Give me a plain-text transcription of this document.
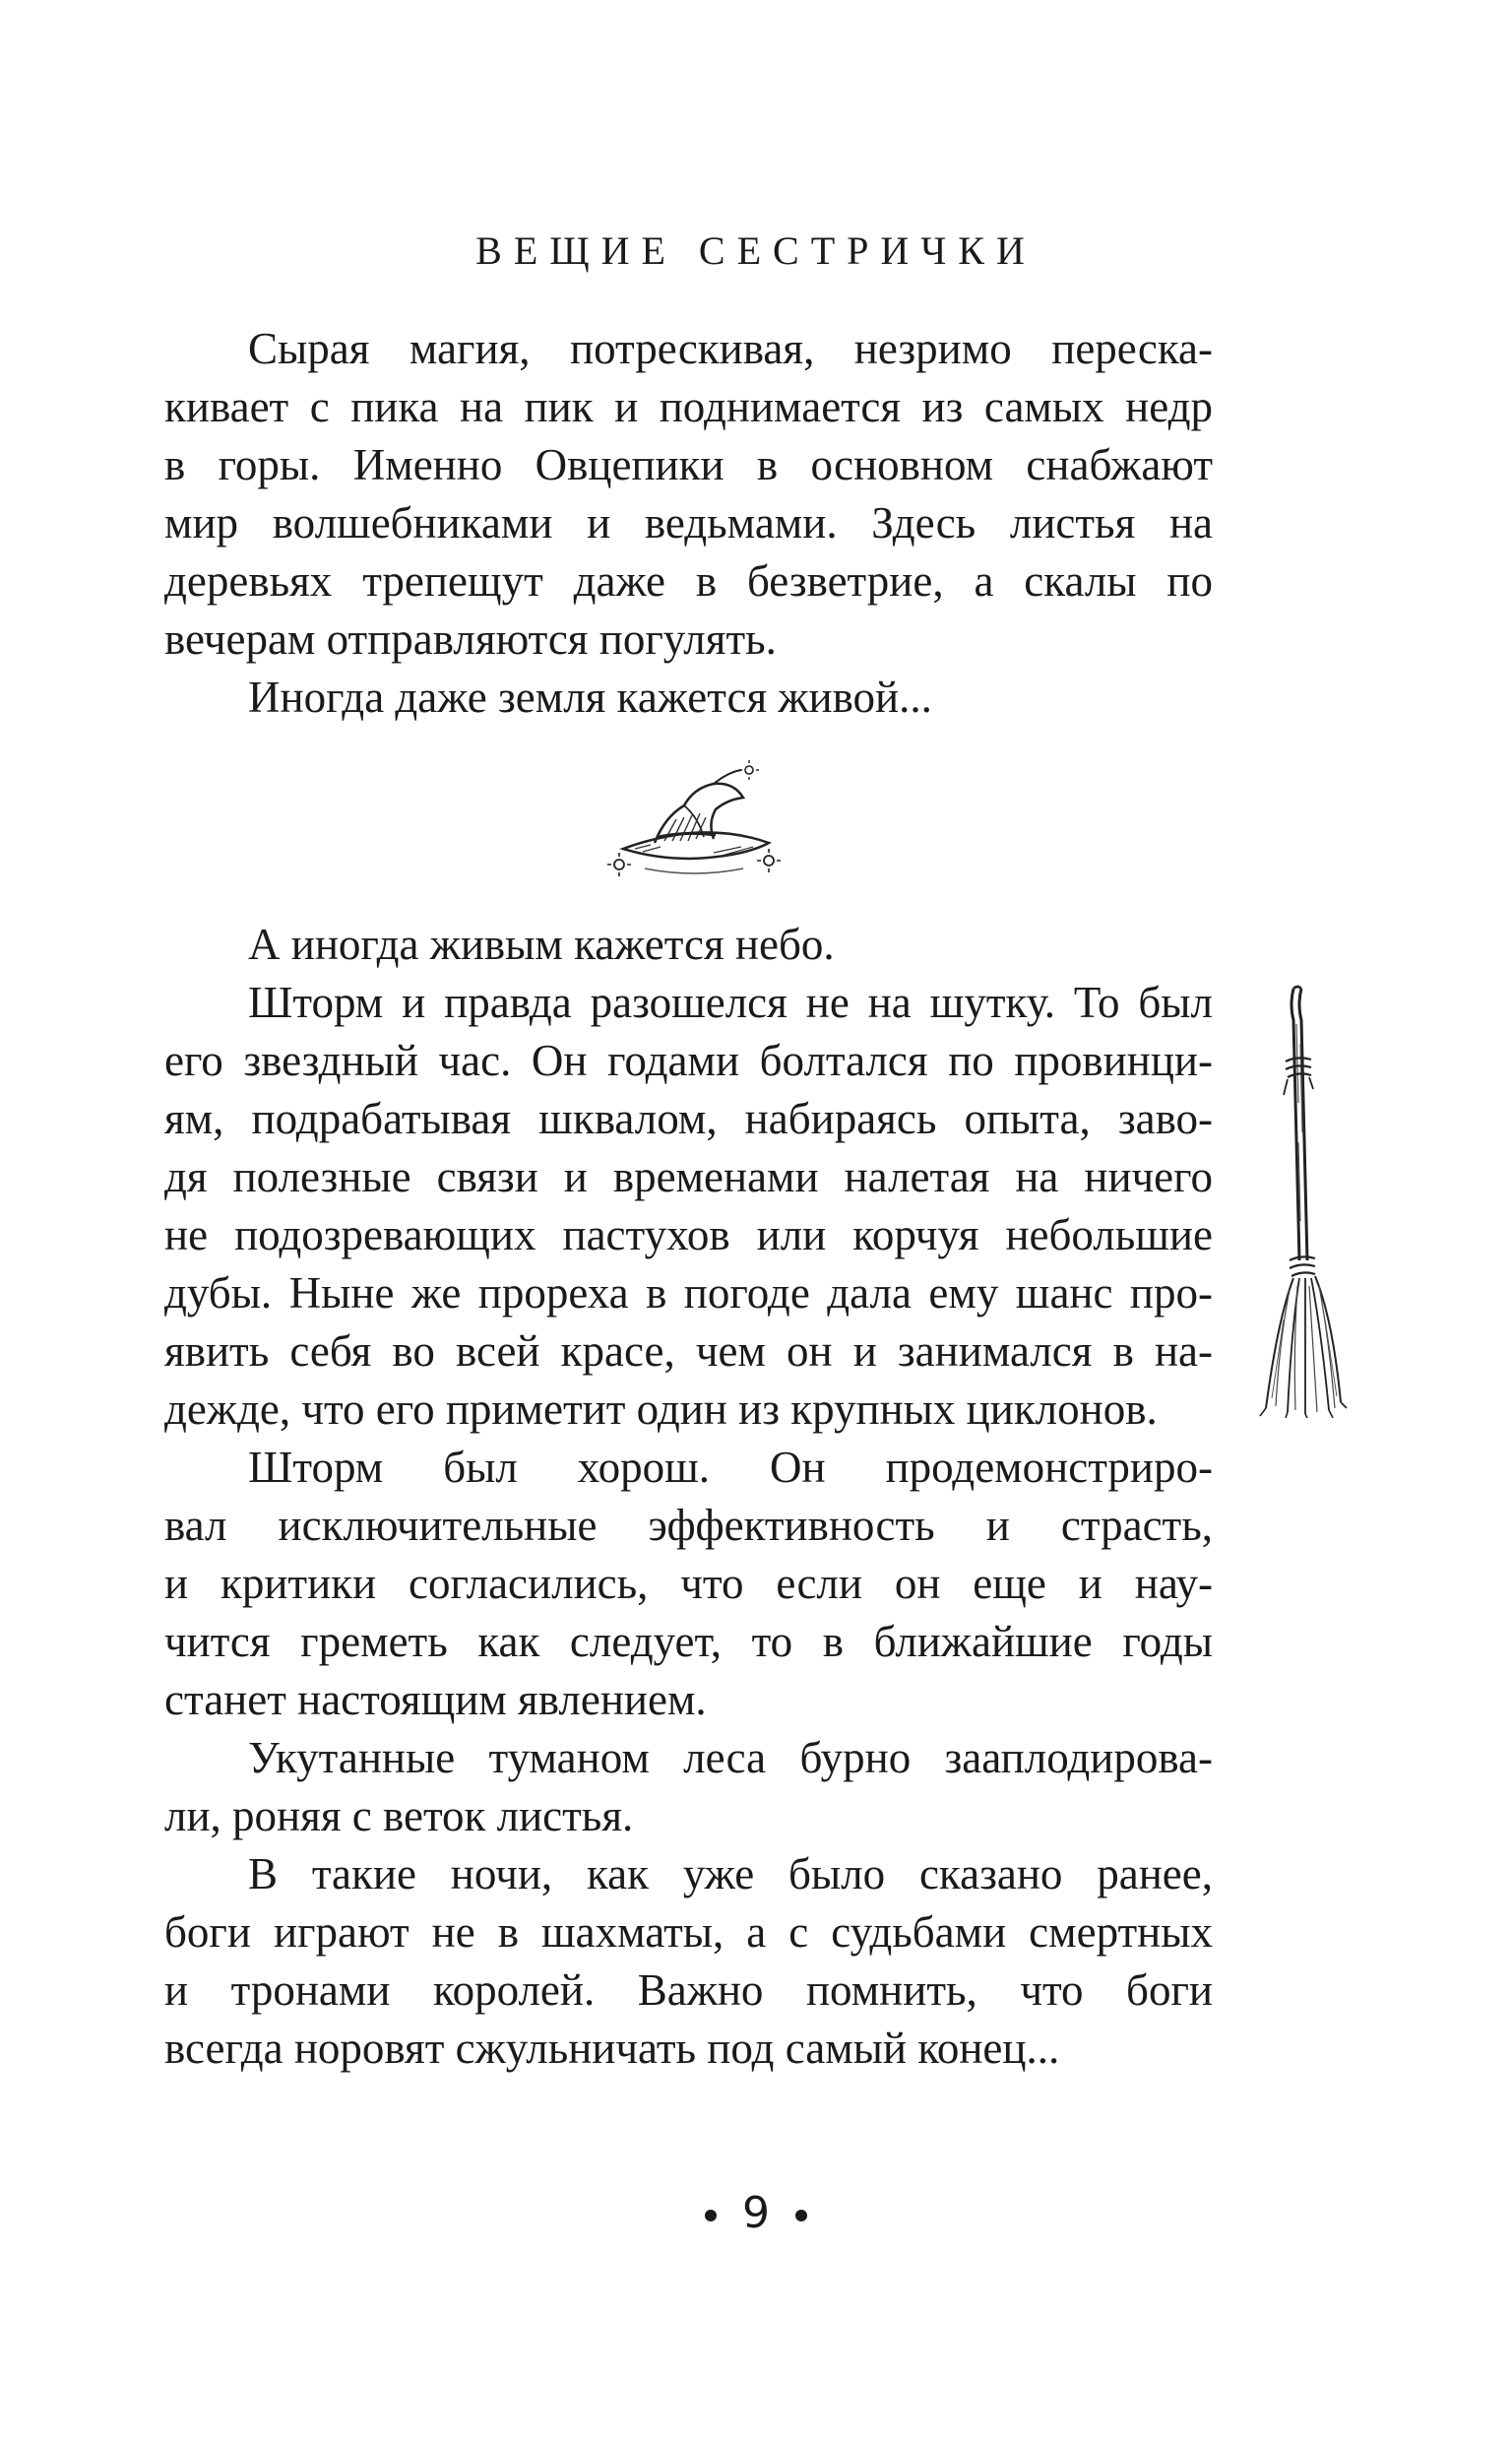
ВЕЩИЕ СЕСТРИЧКИ
Сырая магия, потрескивая, незримо переска-
кивает с пика на пик и поднимается из самых недр
в горы. Именно Овцепики в основном снабжают
мир волшебниками и ведьмами. Здесь листья на
деревьях трепещут даже в безветрие, а скалы по
вечерам отправляются погулять.
Иногда даже земля кажется живой...
А иногда живым кажется небо.
Шторм и правда разошелся не на шутку. То был
его звездный час. Он годами болтался по провинци-
ям, подрабатывая шквалом, набираясь опыта, заво-
дя полезные связи и временами налетая на ничего
не подозревающих пастухов или корчуя небольшие
дубы. Ныне же прореха в погоде дала ему шанс про-
явить себя во всей красе, чем он и занимался в на-
дежде, что его приметит один из крупных циклонов.
Шторм был хорош. Он продемонстриро-
вал исключительные эффективность и страсть,
и критики согласились, что если он еще и нау-
чится греметь как следует, то в ближайшие годы
станет настоящим явлением.
Укутанные туманом леса бурно зааплодирова-
ли, роняя с веток листья.
В такие ночи, как уже было сказано ранее,
боги играют не в шахматы, а с судьбами смертных
и тронами королей. Важно помнить, что боги
всегда норовят сжульничать под самый конец...
9
